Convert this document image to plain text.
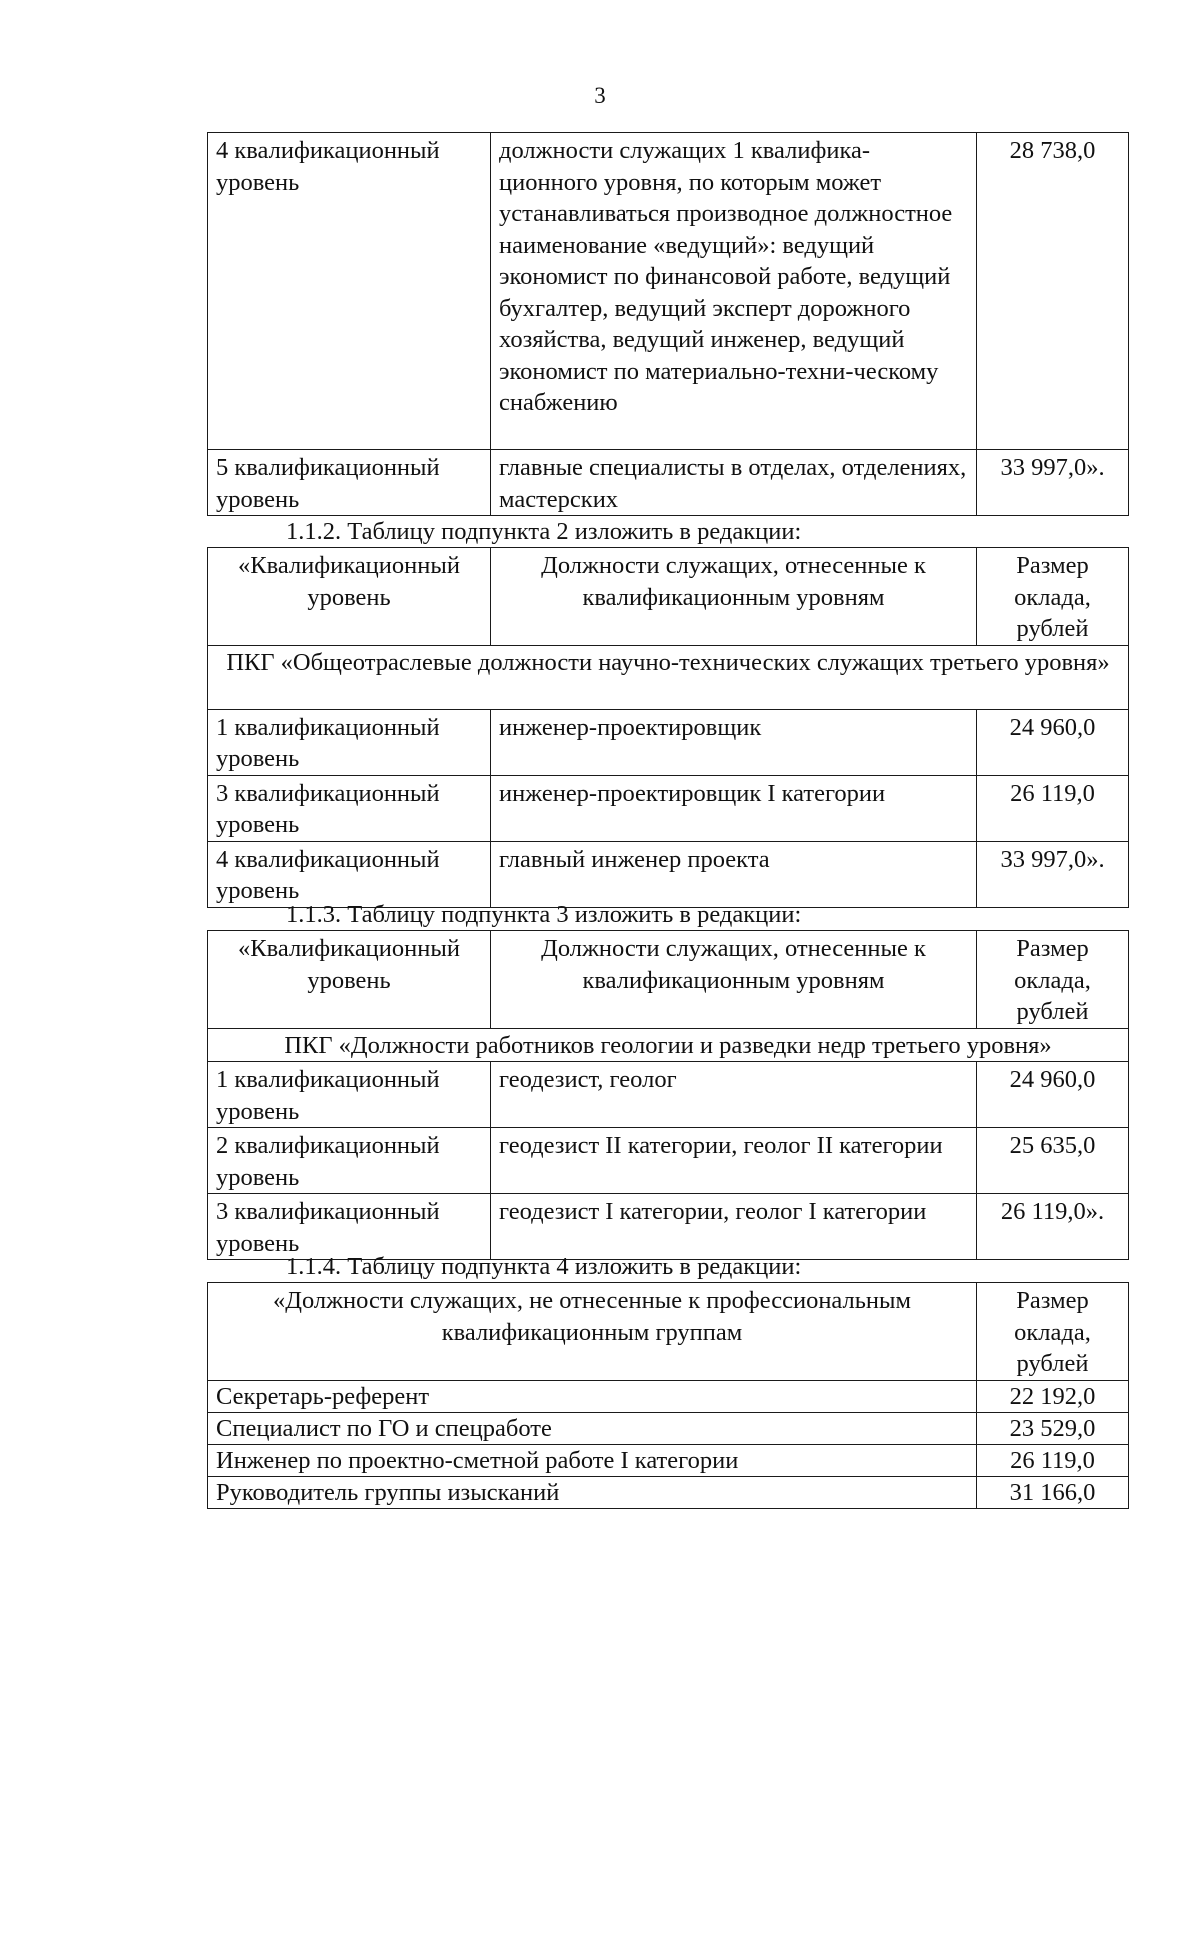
3
4 квалификационный уровень	должности служащих 1 квалифика-ционного уровня, по которым может устанавливаться производное должностное наименование «ведущий»: ведущий экономист по финансовой работе, ведущий бухгалтер, ведущий эксперт дорожного хозяйства, ведущий инженер, ведущий экономист по материально-техни-ческому снабжению	28 738,0
5 квалификационный уровень	главные специалисты в отделах, отделениях, мастерских	33 997,0».
1.1.2. Таблицу подпункта 2 изложить в редакции:
«Квалификационный уровень	Должности служащих, отнесенные к квалификационным уровням	Размер оклада, рублей
ПКГ «Общеотраслевые должности научно-технических служащих третьего уровня»		
1 квалификационный уровень	инженер-проектировщик	24 960,0
3 квалификационный уровень	инженер-проектировщик I категории	26 119,0
4 квалификационный уровень	главный инженер проекта	33 997,0».
1.1.3. Таблицу подпункта 3 изложить в редакции:
«Квалификационный уровень	Должности служащих, отнесенные к квалификационным уровням	Размер оклада, рублей
ПКГ «Должности работников геологии и разведки недр третьего уровня»		
1 квалификационный уровень	геодезист, геолог	24 960,0
2 квалификационный уровень	геодезист II категории, геолог II категории	25 635,0
3 квалификационный уровень	геодезист I категории, геолог I категории	26 119,0».
1.1.4. Таблицу подпункта 4 изложить в редакции:
«Должности служащих, не отнесенные к профессиональным квалификационным группам	Размер оклада, рублей
Секретарь-референт	22 192,0
Специалист по ГО и спецработе	23 529,0
Инженер по проектно-сметной работе I категории	26 119,0
Руководитель группы изысканий	31 166,0
